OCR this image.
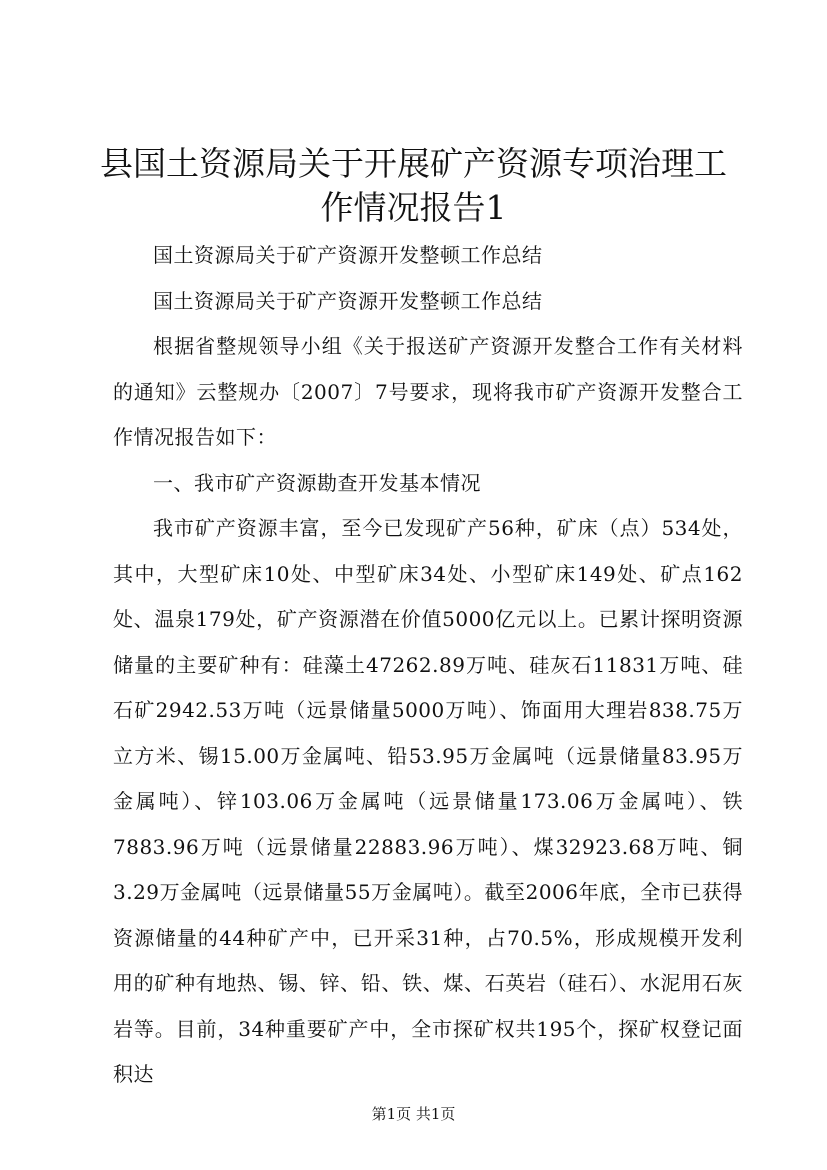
县国土资源局关于开展矿产资源专项治理工作情况报告1

国土资源局关于矿产资源开发整顿工作总结

国土资源局关于矿产资源开发整顿工作总结

根据省整规领导小组《关于报送矿产资源开发整合工作有关材料的通知》云整规办〔2007〕7号要求，现将我市矿产资源开发整合工作情况报告如下：

一、我市矿产资源勘查开发基本情况

我市矿产资源丰富，至今已发现矿产56种，矿床（点）534处，其中，大型矿床10处、中型矿床34处、小型矿床149处、矿点162处、温泉179处，矿产资源潜在价值5000亿元以上。已累计探明资源储量的主要矿种有：硅藻土47262.89万吨、硅灰石11831万吨、硅石矿2942.53万吨（远景储量5000万吨）、饰面用大理岩838.75万立方米、锡15.00万金属吨、铅53.95万金属吨（远景储量83.95万金属吨）、锌103.06万金属吨（远景储量173.06万金属吨）、铁7883.96万吨（远景储量22883.96万吨）、煤32923.68万吨、铜3.29万金属吨（远景储量55万金属吨）。截至2006年底，全市已获得资源储量的44种矿产中，已开采31种，占70.5%，形成规模开发利用的矿种有地热、锡、锌、铅、铁、煤、石英岩（硅石）、水泥用石灰岩等。目前，34种重要矿产中，全市探矿权共195个，探矿权登记面积达

第1页 共1页
